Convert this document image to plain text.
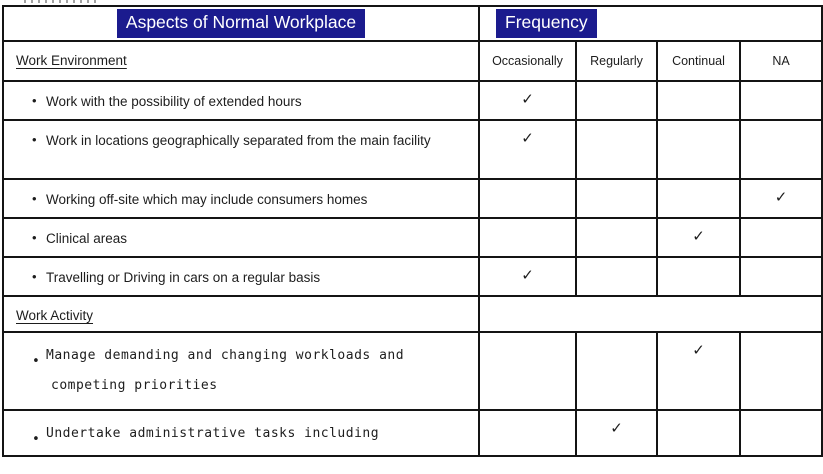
Aspects of Normal Workplace	Frequency			
Work Environment	Occasionally	Regularly	Continual	NA

• Work with the possibility of extended hours	✓			

• Work in locations geographically separated from the main facility	✓			

• Working off-site which may include consumers homes				✓

• Clinical areas			✓	

• Travelling or Driving in cars on a regular basis	✓			
Work Activity				

• Manage demanding and changing workloads and competing priorities			✓	

• Undertake administrative tasks including		✓		
